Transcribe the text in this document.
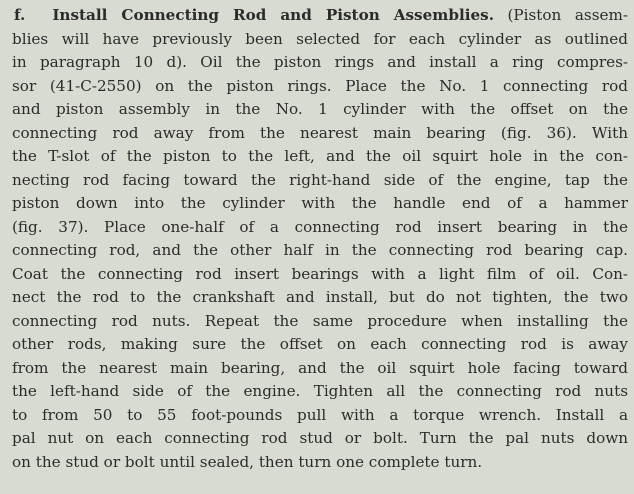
f. Install Connecting Rod and Piston Assemblies. (Piston assem-
blies will have previously been selected for each cylinder as outlined
in paragraph 10 d). Oil the piston rings and install a ring compres-
sor (41-C-2550) on the piston rings. Place the No. 1 connecting rod
and piston assembly in the No. 1 cylinder with the offset on the
connecting rod away from the nearest main bearing (fig. 36). With
the T-slot of the piston to the left, and the oil squirt hole in the con-
necting rod facing toward the right-hand side of the engine, tap the
piston down into the cylinder with the handle end of a hammer
(fig. 37). Place one-half of a connecting rod insert bearing in the
connecting rod, and the other half in the connecting rod bearing cap.
Coat the connecting rod insert bearings with a light film of oil. Con-
nect the rod to the crankshaft and install, but do not tighten, the two
connecting rod nuts. Repeat the same procedure when installing the
other rods, making sure the offset on each connecting rod is away
from the nearest main bearing, and the oil squirt hole facing toward
the left-hand side of the engine. Tighten all the connecting rod nuts
to from 50 to 55 foot-pounds pull with a torque wrench. Install a
pal nut on each connecting rod stud or bolt. Turn the pal nuts down
on the stud or bolt until sealed, then turn one complete turn.
